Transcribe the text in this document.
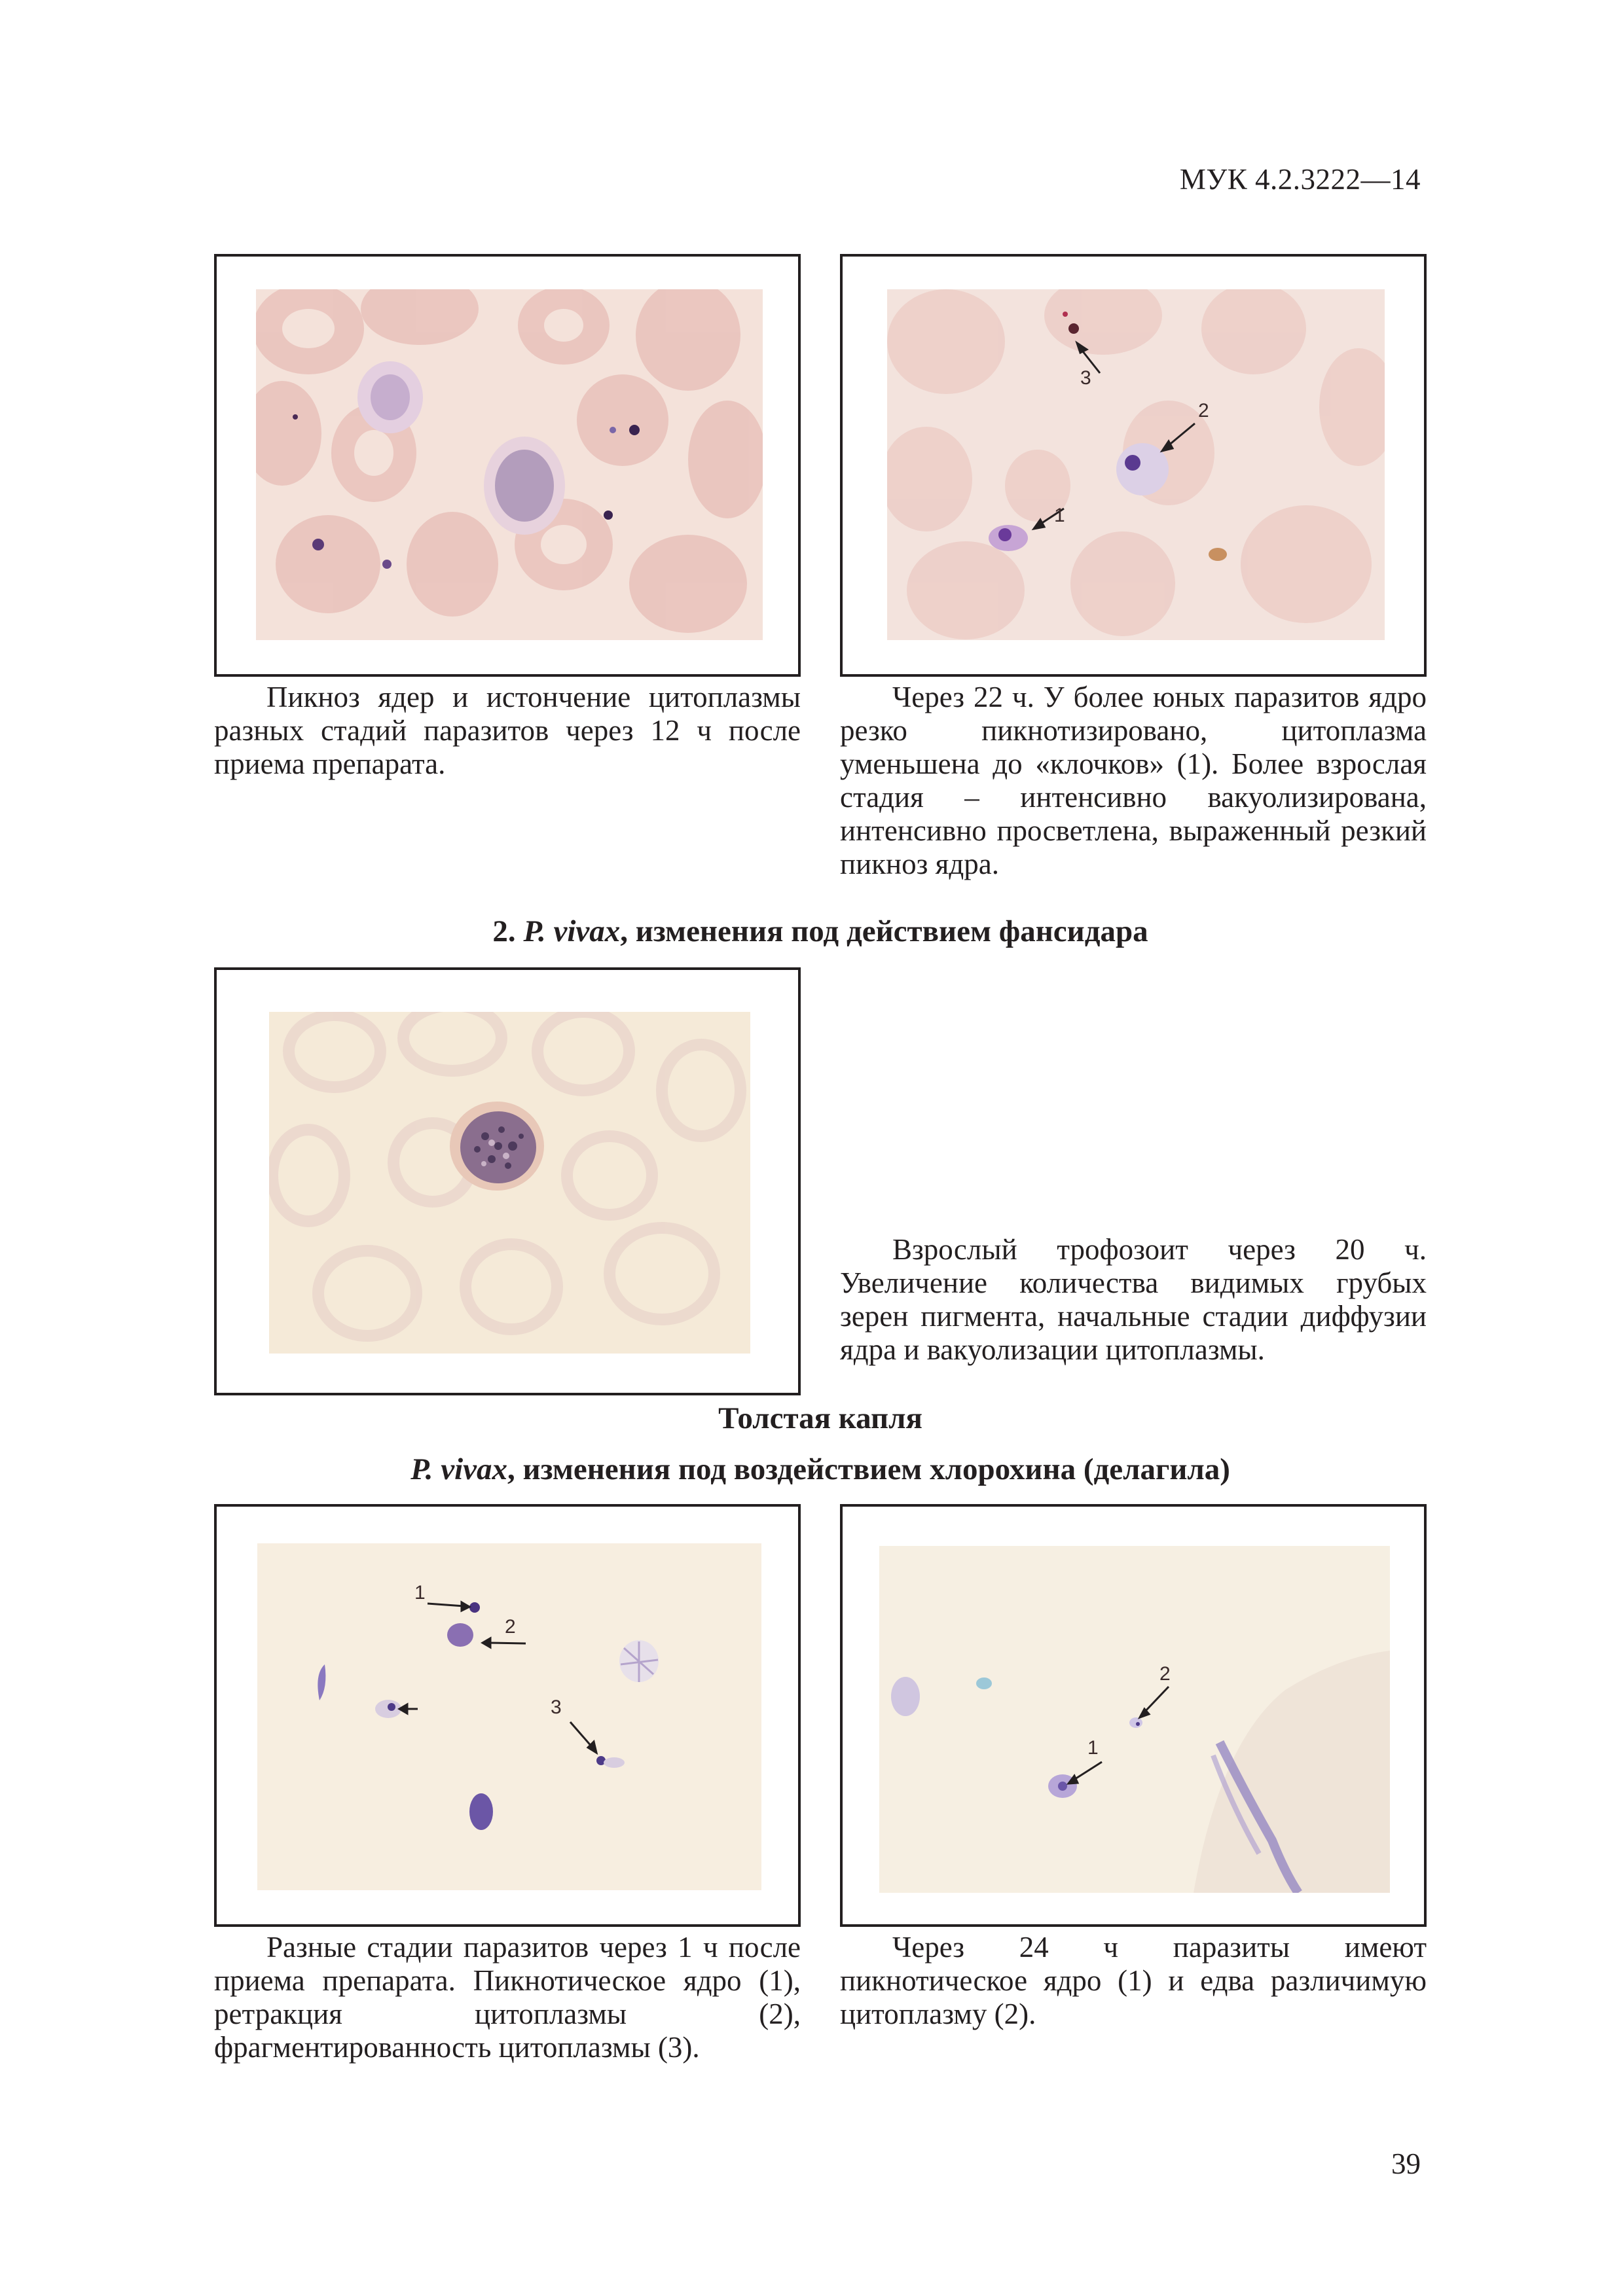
МУК 4.2.3222—14
1
2
3
Пикноз ядер и истончение цитоплазмы разных стадий паразитов через 12 ч после приема препарата.
Через 22 ч. У более юных паразитов ядро резко пикнотизировано, цитоплазма уменьшена до «клочков» (1). Более взрослая стадия – интенсивно вакуолизирована, интенсивно просветлена, выраженный резкий пикноз ядра.
2. P. vivax, изменения под действием фансидара
Взрослый трофозоит через 20 ч. Увеличение количества видимых грубых зерен пигмента, начальные стадии диффузии ядра и вакуолизации цитоплазмы.
Толстая капля
P. vivax, изменения под воздействием хлорохина (делагила)
1
2
3
1
2
Разные стадии паразитов через 1 ч после приема препарата. Пикнотическое ядро (1), ретракция цитоплазмы (2), фрагментированность цитоплазмы (3).
Через 24 ч паразиты имеют пикнотическое ядро (1) и едва различимую цитоплазму (2).
39
